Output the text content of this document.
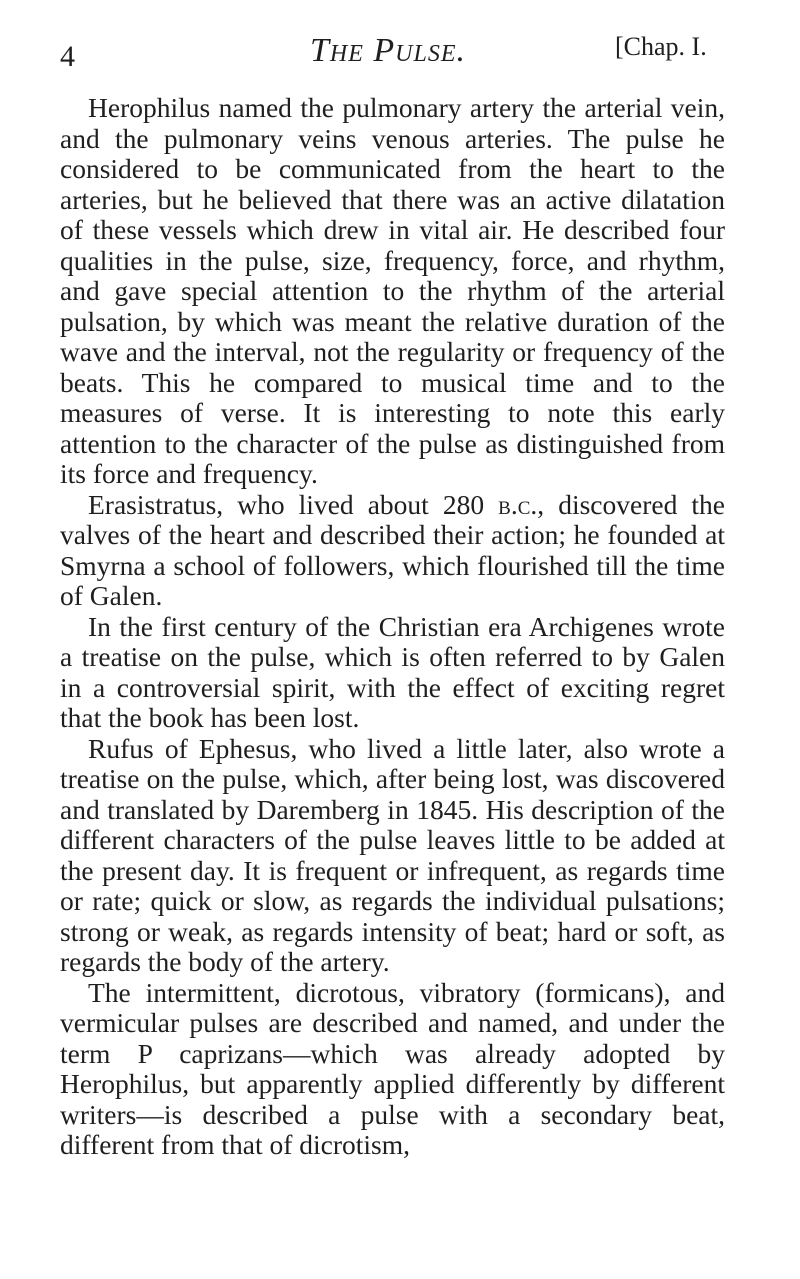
4	The Pulse.	[Chap. I.

Herophilus named the pulmonary artery the arterial vein, and the pulmonary veins venous arteries. The pulse he considered to be communicated from the heart to the arteries, but he believed that there was an active dilatation of these vessels which drew in vital air. He described four qualities in the pulse, size, frequency, force, and rhythm, and gave special attention to the rhythm of the arterial pulsation, by which was meant the relative duration of the wave and the interval, not the regularity or frequency of the beats. This he compared to musical time and to the measures of verse. It is interesting to note this early attention to the character of the pulse as distinguished from its force and frequency.

Erasistratus, who lived about 280 b.c., discovered the valves of the heart and described their action; he founded at Smyrna a school of followers, which flourished till the time of Galen.

In the first century of the Christian era Archigenes wrote a treatise on the pulse, which is often referred to by Galen in a controversial spirit, with the effect of exciting regret that the book has been lost.

Rufus of Ephesus, who lived a little later, also wrote a treatise on the pulse, which, after being lost, was discovered and translated by Daremberg in 1845. His description of the different characters of the pulse leaves little to be added at the present day. It is frequent or infrequent, as regards time or rate; quick or slow, as regards the individual pulsations; strong or weak, as regards intensity of beat; hard or soft, as regards the body of the artery.

The intermittent, dicrotous, vibratory (formicans), and vermicular pulses are described and named, and under the term P caprizans—which was already adopted by Herophilus, but apparently applied differently by different writers—is described a pulse with a secondary beat, different from that of dicrotism,
